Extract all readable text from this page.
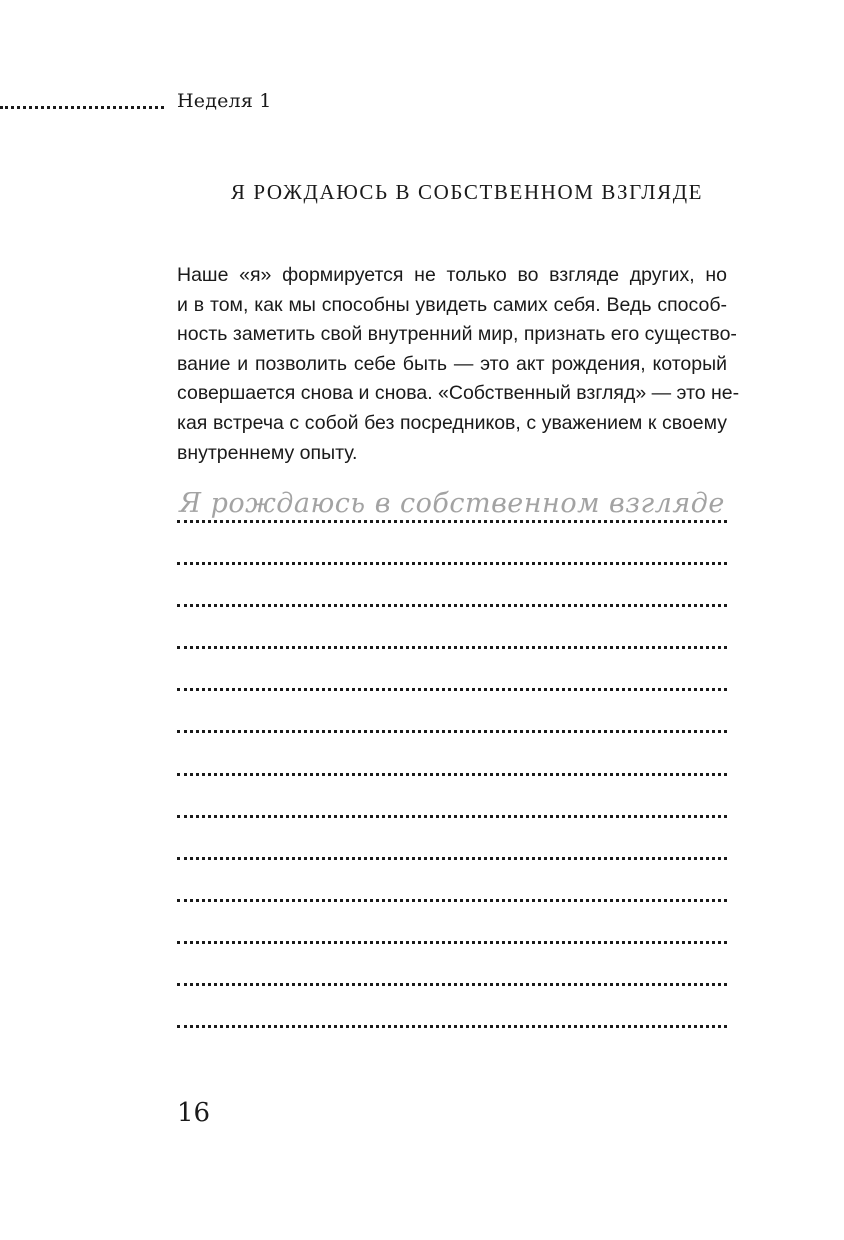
Неделя 1
Я РОЖДАЮСЬ В СОБСТВЕННОМ ВЗГЛЯДЕ
Наше «я» формируется не только во взгляде других, но
и в том, как мы способны увидеть самих себя. Ведь способ-
ность заметить свой внутренний мир, признать его существо-
вание и позволить себе быть — это акт рождения, который
совершается снова и снова. «Собственный взгляд» — это не-
кая встреча с собой без посредников, с уважением к своему
внутреннему опыту.
Я рождаюсь в собственном взгляде
16
